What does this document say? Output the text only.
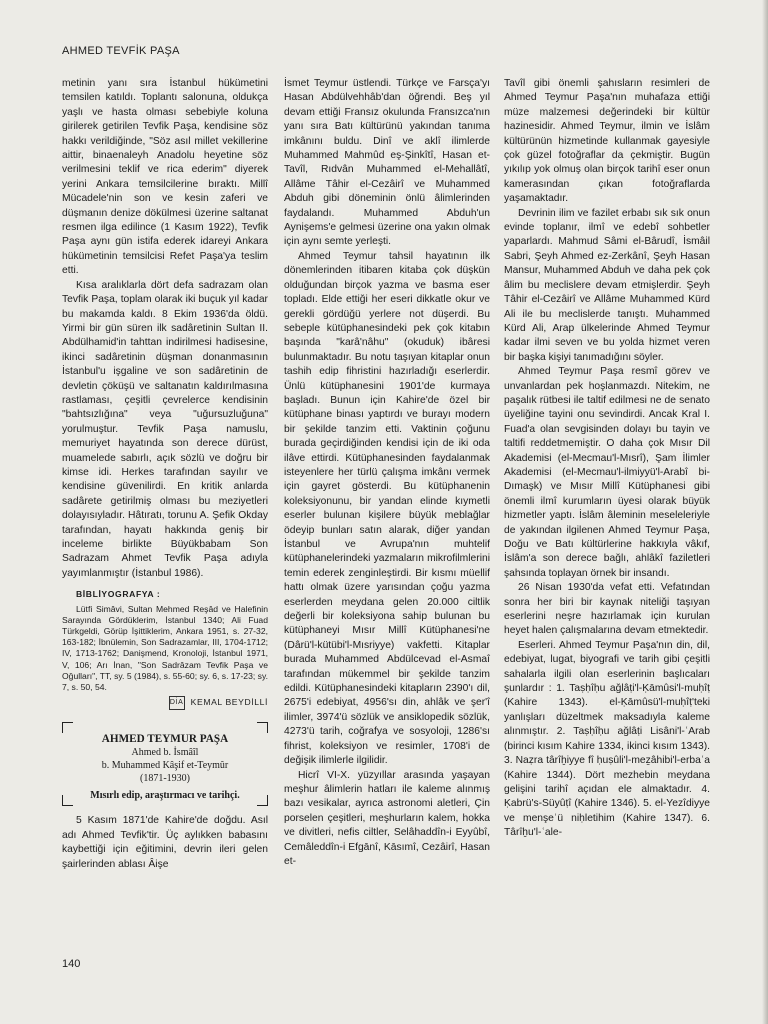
AHMED TEVFİK PAŞA

metinin yanı sıra İstanbul hükümetini temsilen katıldı. Toplantı salonuna, oldukça yaşlı ve hasta olması sebebiyle koluna girilerek getirilen Tevfik Paşa, kendisine söz hakkı verildiğinde, "Söz asıl millet vekillerine aittir, binaenaleyh Anadolu heyetine söz verilmesini teklif ve rica ederim" diyerek yerini Ankara temsilcilerine bıraktı. Millî Mücadele'nin son ve kesin zaferi ve düşmanın denize dökülmesi üzerine saltanat resmen ilga edilince (1 Kasım 1922), Tevfik Paşa aynı gün istifa ederek idareyi Ankara hükümetinin temsilcisi Refet Paşa'ya teslim etti.

Kısa aralıklarla dört defa sadrazam olan Tevfik Paşa, toplam olarak iki buçuk yıl kadar bu makamda kaldı. 8 Ekim 1936'da öldü. Yirmi bir gün süren ilk sadâretinin Sultan II. Abdülhamid'in tahttan indirilmesi hadisesine, ikinci sadâretinin düşman donanmasının İstanbul'u işgaline ve son sadâretinin de devletin çöküşü ve saltanatın kaldırılmasına rastlaması, çeşitli çevrelerce kendisinin "bahtsızlığına" veya "uğursuzluğuna" yorulmuştur. Tevfik Paşa namuslu, memuriyet hayatında son derece dürüst, muamelede sabırlı, açık sözlü ve doğru bir kimse idi. Herkes tarafından sayılır ve kendisine güvenilirdi. En kritik anlarda sadârete getirilmiş olması bu meziyetleri dolayısıyladır. Hâtıratı, torunu A. Şefik Okday tarafından, hayatı hakkında geniş bir inceleme birlikte Büyükbabam Son Sadrazam Ahmet Tevfik Paşa adıyla yayımlanmıştır (İstanbul 1986).

BİBLİYOGRAFYA :
Lütfi Simâvi, Sultan Mehmed Reşâd ve Halefinin Sarayında Gördüklerim, İstanbul 1340; Ali Fuad Türkgeldi, Görüp İşittiklerim, Ankara 1951, s. 27-32, 163-182; İbnülemin, Son Sadrazamlar, III, 1704-1712; IV, 1713-1762; Danişmend, Kronoloji, İstanbul 1971, V, 106; Arı İnan, "Son Sadrâzam Tevfik Paşa ve Oğulları", TT, sy. 5 (1984), s. 55-60; sy. 6, s. 17-23; sy. 7, s. 50, 54.
DİA KEMAL BEYDİLLİ
AHMED TEYMUR PAŞA
Ahmed b. İsmâîl
b. Muhammed Kâşif et-Teymûr
(1871-1930)
Mısırlı edip, araştırmacı ve tarihçi.

5 Kasım 1871'de Kahire'de doğdu. Asıl adı Ahmed Tevfik'tir. Üç aylıkken babasını kaybettiği için eğitimini, devrin ileri gelen şairlerinden ablası Âişe

İsmet Teymur üstlendi. Türkçe ve Farsça'yı Hasan Abdülvehhâb'dan öğrendi. Beş yıl devam ettiği Fransız okulunda Fransızca'nın yanı sıra Batı kültürünü yakından tanıma imkânını buldu. Dinî ve aklî ilimlerde Muhammed Mahmûd eş-Şinkîtî, Hasan et-Tavîl, Rıdvân Muhammed el-Mehallâtî, Allâme Tâhir el-Cezâirî ve Muhammed Abduh gibi döneminin önlü âlimlerinden faydalandı. Muhammed Abduh'un Aynişems'e gelmesi üzerine ona yakın olmak için aynı semte yerleşti.

Ahmed Teymur tahsil hayatının ilk dönemlerinden itibaren kitaba çok düşkün olduğundan birçok yazma ve basma eser topladı. Elde ettiği her eseri dikkatle okur ve gerekli gördüğü yerlere not düşerdi. Bu sebeple kütüphanesindeki pek çok kitabın başında "karâ'nâhu" (okuduk) ibâresi bulunmaktadır. Bu notu taşıyan kitaplar onun tashih edip fihristini hazırladığı eserlerdir. Ünlü kütüphanesini 1901'de kurmaya başladı. Bunun için Kahire'de özel bir kütüphane binası yaptırdı ve burayı modern bir şekilde tanzim etti. Vaktinin çoğunu burada geçirdiğinden kendisi için de iki oda ilâve ettirdi. Kütüphanesinden faydalanmak isteyenlere her türlü çalışma imkânı vermek için gayret gösterdi. Bu kütüphanenin koleksiyonunu, bir yandan elinde kıymetli eserler bulunan kişilere büyük meblağlar ödeyip bunları satın alarak, diğer yandan İstanbul ve Avrupa'nın muhtelif kütüphanelerindeki yazmaların mikrofilmlerini temin ederek zenginleştirdi. Bir kısmı müellif hattı olmak üzere yarısından çoğu yazma eserlerden meydana gelen 20.000 ciltlik değerli bir koleksiyona sahip bulunan bu kütüphaneyi Mısır Millî Kütüphanesi'ne (Dârü'l-kütübi'l-Mısriyye) vakfetti. Kitaplar burada Muhammed Abdülcevad el-Asmaî tarafından mükemmel bir şekilde tanzim edildi. Kütüphanesindeki kitapların 2390'ı dil, 2675'i edebiyat, 4956'sı din, ahlâk ve şer'î ilimler, 3974'ü sözlük ve ansiklopedik sözlük, 4273'ü tarih, coğrafya ve sosyoloji, 1286'sı fihrist, koleksiyon ve resimler, 1708'i de değişik ilimlerle ilgilidir.

Hicrî VI-X. yüzyıllar arasında yaşayan meşhur âlimlerin hatları ile kaleme alınmış bazı vesikalar, ayrıca astronomi aletleri, Çin porselen çeşitleri, meşhurların kalem, hokka ve divitleri, nefis ciltler, Selâhaddîn-i Eyyûbî, Cemâleddîn-i Efgānî, Kāsımî, Cezâirî, Hasan et-

Tavîl gibi önemli şahısların resimleri de Ahmed Teymur Paşa'nın muhafaza ettiği müze malzemesi değerindeki bir kültür hazinesidir. Ahmed Teymur, ilmin ve İslâm kültürünün hizmetinde kullanmak gayesiyle çok güzel fotoğraflar da çekmiştir. Bugün yıkılıp yok olmuş olan birçok tarihî eser onun kamerasından çıkan fotoğraflarda yaşamaktadır.

Devrinin ilim ve fazilet erbabı sık sık onun evinde toplanır, ilmî ve edebî sohbetler yaparlardı. Mahmud Sâmi el-Bârudî, İsmâil Sabri, Şeyh Ahmed ez-Zerkânî, Şeyh Hasan Mansur, Muhammed Abduh ve daha pek çok âlim bu meclislere devam etmişlerdir. Şeyh Tâhir el-Cezâirî ve Allâme Muhammed Kürd Ali ile bu meclislerde tanıştı. Muhammed Kürd Ali, Arap ülkelerinde Ahmed Teymur kadar ilmi seven ve bu yolda hizmet veren bir başka kişiyi tanımadığını söyler.

Ahmed Teymur Paşa resmî görev ve unvanlardan pek hoşlanmazdı. Nitekim, ne paşalık rütbesi ile taltif edilmesi ne de senato üyeliğine tayini onu sevindirdi. Ancak Kral I. Fuad'a olan sevgisinden dolayı bu tayin ve taltifi reddetmemiştir. O daha çok Mısır Dil Akademisi (el-Mecmau'l-Mısrî), Şam İlimler Akademisi (el-Mecmau'l-ilmiyyü'l-Arabî bi-Dımaşk) ve Mısır Millî Kütüphanesi gibi önemli ilmî kurumların üyesi olarak büyük hizmetler yaptı. İslâm âleminin meseleleriyle de yakından ilgilenen Ahmed Teymur Paşa, Doğu ve Batı kültürlerine hakkıyla vâkıf, İslâm'a son derece bağlı, ahlâkî faziletleri şahsında toplayan örnek bir insandı.

26 Nisan 1930'da vefat etti. Vefatından sonra her biri bir kaynak niteliği taşıyan eserlerini neşre hazırlamak için kurulan heyet halen çalışmalarına devam etmektedir.

Eserleri. Ahmed Teymur Paşa'nın din, dil, edebiyat, lugat, biyografi ve tarih gibi çeşitli sahalarla ilgili olan eserlerinin başlıcaları şunlardır : 1. Taṣḥîḥu ağlâṭi'l-Ḳāmûsi'l-muḥîṭ (Kahire 1343). el-Ḳāmûsü'l-muḥîṭ'teki yanlışları düzeltmek maksadıyla kaleme alınmıştır. 2. Taṣḥîḥu ağlâṭi Lisâni'l-ʿArab (birinci kısım Kahire 1334, ikinci kısım 1343). 3. Naẓra târîḫiyye fî ḥuṣûli'l-meẕâhibi'l-erbaʿa (Kahire 1344). Dört mezhebin meydana gelişini tarihî açıdan ele almaktadır. 4. Ḳabrü's-Süyûṭî (Kahire 1346). 5. el-Yezîdiyye ve menşeʾü niḥletihim (Kahire 1347). 6. Târîḫu'l-ʿale-

140
